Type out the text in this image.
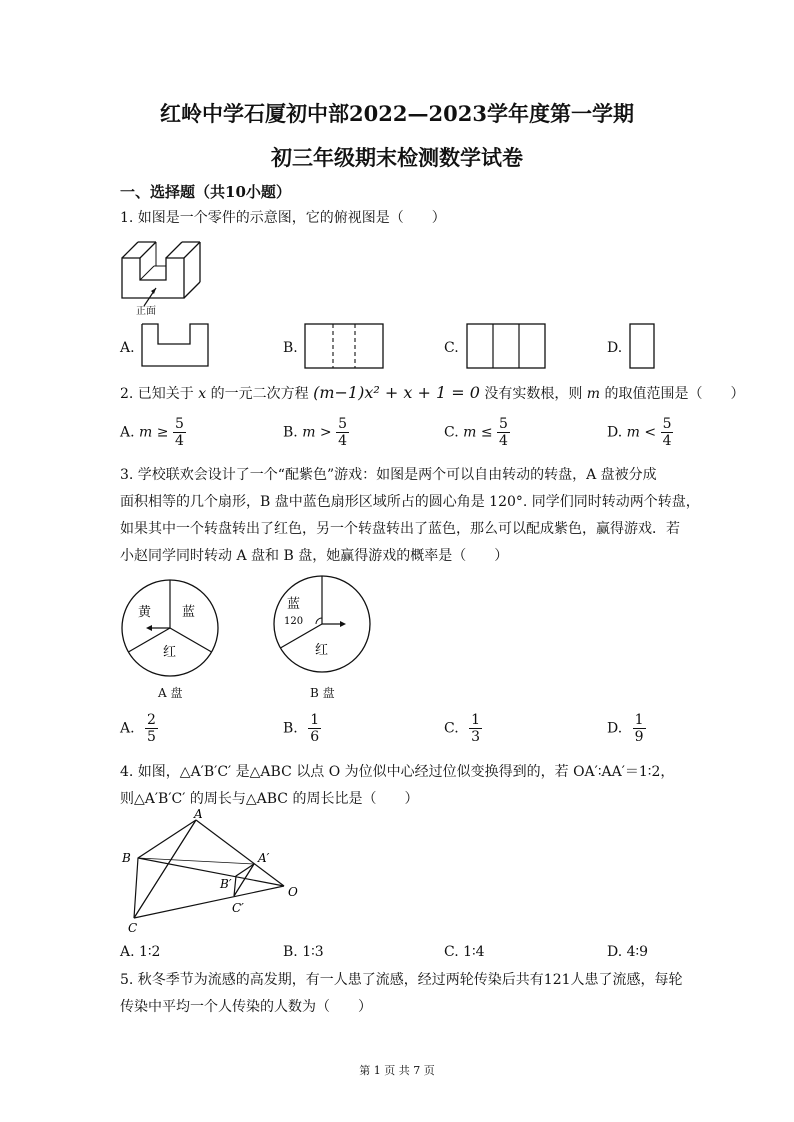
红岭中学石厦初中部2022—2023学年度第一学期
初三年级期末检测数学试卷
一、选择题（共10小题）
1. 如图是一个零件的示意图，它的俯视图是（　　）
正面
A.	B.	C.	D.
2. 已知关于 x 的一元二次方程 (m−1)x² + x + 1 = 0 没有实数根，则 m 的取值范围是（　　）
A. $m \ge \frac{5}{4}$	B. $m > \frac{5}{4}$	C. $m \le \frac{5}{4}$	D. $m < \frac{5}{4}$
3. 学校联欢会设计了一个“配紫色”游戏：如图是两个可以自由转动的转盘，A 盘被分成
面积相等的几个扇形，B 盘中蓝色扇形区域所占的圆心角是 120°. 同学们同时转动两个转盘，
如果其中一个转盘转出了红色，另一个转盘转出了蓝色，那么可以配成紫色，赢得游戏．若
小赵同学同时转动 A 盘和 B 盘，她赢得游戏的概率是（　　）
黄 蓝
红
A 盘
蓝
120
红
B 盘
A. $\frac{2}{5}$	B. $\frac{1}{6}$	C. $\frac{1}{3}$	D. $\frac{1}{9}$
4. 如图，△A′B′C′ 是△ABC 以点 O 为位似中心经过位似变换得到的，若 OA′∶AA′＝1∶2，
则△A′B′C′ 的周长与△ABC 的周长比是（　　）
A
B
C
A′
B′
C′
O
A. 1∶2	B. 1∶3	C. 1∶4	D. 4∶9
5. 秋冬季节为流感的高发期，有一人患了流感，经过两轮传染后共有121人患了流感，每轮
传染中平均一个人传染的人数为（　　）
第 1 页 共 7 页
